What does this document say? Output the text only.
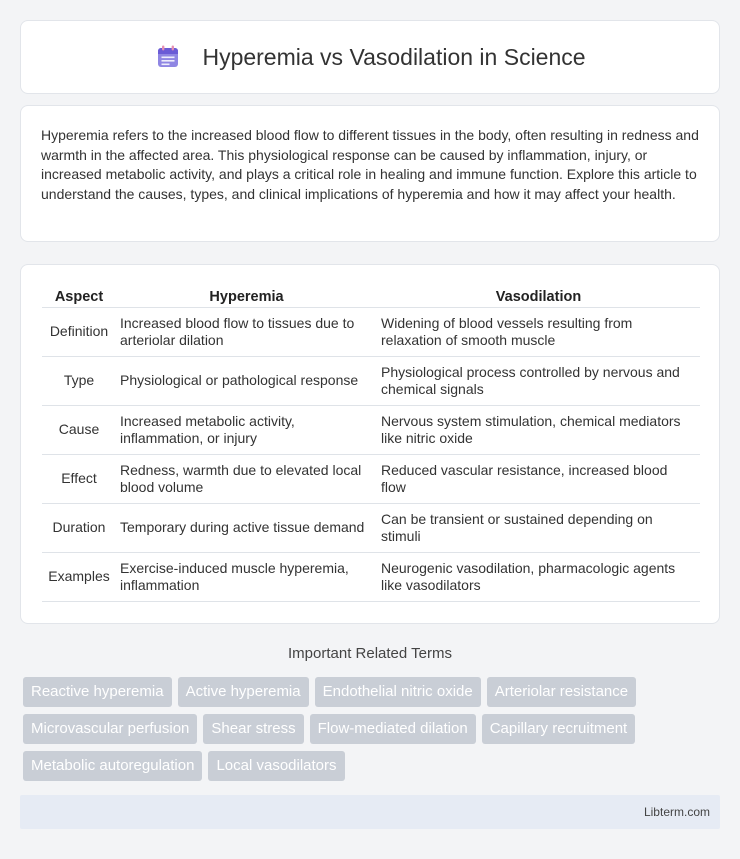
Hyperemia vs Vasodilation in Science

Hyperemia refers to the increased blood flow to different tissues in the body, often resulting in redness and warmth in the affected area. This physiological response can be caused by inflammation, injury, or increased metabolic activity, and plays a critical role in healing and immune function. Explore this article to understand the causes, types, and clinical implications of hyperemia and how it may affect your health.

Aspect	Hyperemia	Vasodilation
Definition	Increased blood flow to tissues due to arteriolar dilation	Widening of blood vessels resulting from relaxation of smooth muscle
Type	Physiological or pathological response	Physiological process controlled by nervous and chemical signals
Cause	Increased metabolic activity, inflammation, or injury	Nervous system stimulation, chemical mediators like nitric oxide
Effect	Redness, warmth due to elevated local blood volume	Reduced vascular resistance, increased blood flow
Duration	Temporary during active tissue demand	Can be transient or sustained depending on stimuli
Examples	Exercise-induced muscle hyperemia, inflammation	Neurogenic vasodilation, pharmacologic agents like vasodilators
Important Related Terms
Reactive hyperemia	Active hyperemia	Endothelial nitric oxide	Arteriolar resistance
Microvascular perfusion	Shear stress	Flow-mediated dilation	Capillary recruitment
Metabolic autoregulation	Local vasodilators
Libterm.com
